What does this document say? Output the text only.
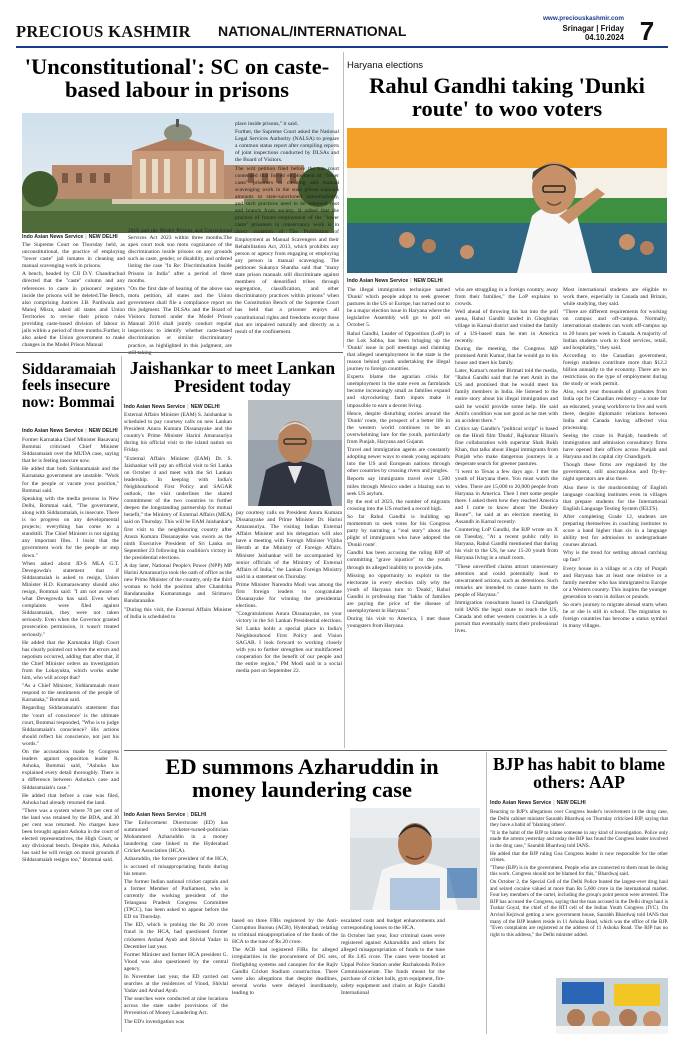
PRECIOUS KASHMIR NATIONAL/INTERNATIONAL
www.preciouskashmir.com
Srinagar | Friday
04.10.2024 7
'Unconstitutional': SC on caste-based labour in prisons
Indo Asian News Service | NEW DELHI

The Supreme Court on Thursday held, as unconstitutional, the practice of employing "lower caste" jail inmates in cleaning and manual scavenging work in prisons.

A bench, headed by CJI D.Y. Chandrachud directed that the "caste" column and any references to caste in prisoners' registers inside the prisons will be deleted.The Bench, also comprising Justices J.B. Pardiwala and Manoj Misra, asked all states and Union Territories to revise their prison rules providing caste-based division of labour in jails within a period of three months.Further, it also asked the Union government to make changes in the Model Prison Manual

2016 and the Model Prisons and Correctional Services Act 2023 within three months.The apex court took suo motu cognizance of the discrimination inside prisons on any grounds such as caste, gender, or disability, and ordered listing the case "In Re: Discrimination Inside Prisons in India" after a period of three months.

"On the first date of hearing of the above suo motu petition, all states and the Union government shall file a compliance report on this judgment. The DLSAs and the Board of Visitors formed under the Model Prison Manual 2016 shall jointly conduct regular inspections to identify whether caste-based discrimination or similar discriminatory practice, as highlighted in this judgment, are

place inside prisons," it said.

Further, the Supreme Court asked the National Legal Services Authority (NALSA) to prepare a common status report after compiling reports of joint inspections conducted by DLSAs and the Board of Visitors.

The writ petition filed before the top court contended that forced employment of "lower caste" prisoners in cleaning and manual scavenging work in the state prison manuals amounts to state-sanctioned untouchability, and such practices need to be removed root and branch from society. It added that the practice of forced employment of the "lower caste" prisoners in conservancy work is in direct violation of The Prohibition of Employment as Manual Scavengers and their Rehabilitation Act, 2013, which prohibits any person or agency from engaging or employing any person in manual scavenging. The petitioner Sukanya Shantha said that "many state prison manuals still discriminate against members of denotified tribes through segregation, classification, and other discriminatory practices within prisons" when the Constitution Bench of the Supreme Court has held that a prisoner enjoys all constitutional rights and freedoms except those that are impaired naturally and directly as a result of the confinement.

Haryana elections
Rahul Gandhi taking 'Dunki route' to woo voters
Indo Asian News Service | NEW DELHI

The illegal immigration technique named 'Dunki' which people adopt to seek greener pastures in the US or Europe, has turned out to be a major election issue in Haryana where the legislative Assembly will go to poll on October 5.

Rahul Gandhi, Leader of Opposition (LoP) in the Lok Sabha, has been bringing up the 'Dunki' issue in poll meetings and claiming that alleged unemployment in the state is the reason behind youth undertaking the illegal journey to foreign countries.

Experts blame the agrarian crisis for unemployment in the state even as farmlands become increasingly small as families expand and skyrocketing farm inputs make it impossible to earn a decent living.

Hence, despite disturbing stories around the 'Dunki' route, the prospect of a better life in the western world continues to be an overwhelming lure for the youth, particularly from Punjab, Haryana and Gujarat.

Travel and immigration agents are constantly adopting newer ways to sneak young aspirants into the US and European nations through other countries by crossing rivers and jungles.

Reports say immigrants travel over 1,500 miles through Mexico under a blazing sun to seek US asylum.

By the end of 2023, the number of migrants crossing into the US reached a record high.

So far Rahul Gandhi is building up momentum to seek votes for his Congress party by narrating a "real story" about the plight of immigrants who have adopted the 'Dunki route'.

Gandhi has been accusing the ruling BJP of committing "grave injustice" to the youth through its alleged inability to provide jobs.

Missing no opportunity to exploit to the electorate in every election rally why the youth of Haryana turn to 'Dunki', Rahul Gandhi is professing that "lakhs of families are paying the price of the disease of unemployment in Haryana."

During his visit to America, I met those youngsters from Haryana

who are struggling in a foreign country, away from their families," the LoP explains to crowds.

Well ahead of throwing his hat into the poll arena, Rahul Gandhi landed in Ghoghrian village in Karnal district and visited the family of a US-based man he met in America recently.

During the meeting, the Congress MP promised Amit Kumar, that he would go to his house and meet his family.

Later, Kumar's mother Birmati told the media, "Rahul Gandhi said that he met Amit in the US and promised that he would meet his family members in India. He listened to the entire story about his illegal immigration and said he would provide some help. He said Amit's condition was not good as he met with an accident there."

Critics say Gandhi's "political script" is based on the Hindi film 'Dunki', Rajkumar Hirani's fine collaboration with superstar Shah Rukh Khan, that talks about illegal immigrants from Punjab who make dangerous journeys in a desperate search for greener pastures.

"I went to Texas a few days ago. I met the youth of Haryana there. You must watch the video. There are 15,000 to 20,000 people from Haryana in America. Then I met some people there. I asked them how they reached America and I came to know about 'the Donkey Route'", he said at an election meeting in Assandh in Karnal recently.

Countering LoP Gandhi, the BJP wrote on X on Tuesday, "At a recent public rally in Haryana, Rahul Gandhi mentioned that during his visit to the US, he saw 15-20 youth from Haryana living in a small room.

"These unverified claims attract unnecessary attention and could potentially lead to unwarranted actions, such as detentions. Such remarks are intended to cause harm to the people of Haryana."

Immigration consultants based in Chandigarh told IANS the legal route to reach the US, Canada and other western countries is a safe pursuit that eventually starts their professional lives.

Most international students are eligible to work there, especially in Canada and Britain, while studying, they said.

"There are different requirements for working on campus and off-campus. Normally, international students can work off-campus up to 20 hours per week in Canada. A majority of Indian students work in food services, retail, and hospitality," they said.

According to the Canadian government, foreign students contribute more than $12.2 billion annually to the economy. There are no restrictions on the type of employment during the study or work permit.

Also, each year thousands of graduates from India opt for Canadian residency – a route for an educated, young workforce to live and work there, despite diplomatic relations between India and Canada having affected visa processing.

Seeing the craze in Punjab, hundreds of immigration and admission consultancy firms have opened their offices across Punjab and Haryana and its capital city Chandigarh.

Though these firms are regulated by the government, still unscrupulous and fly-by-night operators are also there.

Also there is the mushrooming of English language coaching institutes even in villages that prepare students for the International English Language Testing System (IELTS).

After completing Grade 12, students are preparing themselves in coaching institutes to score a band higher than six in a language ability test for admission to undergraduate courses abroad.

Why is the trend for settling abroad catching up fast?

Every house in a village or a city of Punjab and Haryana has at least one relative or a family member who has immigrated to Europe or a Western country. This inspires the younger generation to earn in dollars or pounds.

So one's journey to migrate abroad starts when he or she is still in school. The migration to foreign countries has become a status symbol in many villages.

Siddaramaiah feels insecure now: Bommai
Indo Asian News Service | NEW DELHI

Former Karnataka Chief Minister Basavaraj Bommai criticised Chief Minister Siddaramaiah over the MUDA case, saying that he is feeling insecure now.

He added that both Siddaramaiah and the Karnataka government are unstable. "Work for the people or vacate your position," Bommai said.

Speaking with the media persons in New Delhi, Bommai said, "The government, along with Siddaramaiah, is insecure. There is no progress on any developmental projects; everything has come to a standstill. The Chief Minister is not signing any important files. I insist that the government work for the people or step down."

When asked about JD-S MLA G.T. Devegowda's statement that if Siddaramaiah is asked to resign, Union Minister H.D. Kumaraswamy should also resign, Bommai said: "I am not aware of what Devegowda has said. Even when complaints were filed against Siddaramaiah, they were not taken seriously. Even when the Governor granted prosecution permission, it wasn't treated seriously."

He added that the Karnataka High Court has clearly pointed out where the errors and nepotism occurred, adding that after that, if the Chief Minister orders an investigation from the Lokayukta, which works under him, who will accept that?

"As a Chief Minister, Siddaramaiah must respond to the sentiments of the people of Karnataka," Bommai said.

Regarding Siddaramaiah's statement that the 'court of conscience' is the ultimate court, Bommai responded, "Who is to judge Siddaramaiah's conscience? His actions should reflect his conscience, not just his words."

On the accusations made by Congress leaders against opposition leader R. Ashoka, Bommai said, "Ashoka has explained every detail thoroughly. There is a difference between Ashoka's case and Siddaramaiah's case."

He added that before a case was filed, Ashoka had already returned the land.

"There was a system where 70 per cent of the land was retained by the BDA, and 30 per cent was returned. No charges have been brought against Ashoka in the court of elected representatives, the High Court, or any divisional bench. Despite this, Ashoka has said he will resign on moral grounds if Siddaramaiah resigns too," Bommai said.

Jaishankar to meet Lankan President today
Indo Asian News Service | NEW DELHI

External Affairs Minister (EAM) S. Jaishankar is scheduled to pay courtesy calls on new Lankan President Anura Kumara Dissanayake and the country's Prime Minister Harini Amarasuriya during his official visit to the island nation on Friday.

"External Affairs Minister (EAM) Dr. S. Jaishankar will pay an official visit to Sri Lanka on October 4 and meet with the Sri Lankan leadership. In keeping with India's Neighbourhood First Policy and SAGAR outlook, the visit underlines the shared commitment of the two countries to further deepen the longstanding partnership for mutual benefit," the Ministry of External Affairs (MEA) said on Thursday. This will be EAM Jaishankar's first visit to the neighbouring country after Anura Kumara Dissanayake was sworn as the ninth Executive President of Sri Lanka on September 23 following his coalition's victory in the presidential elections.

A day later, National People's Power (NPP) MP Harini Amarasuriya took the oath of office as the new Prime Minister of the country, only the third woman to hold the position after Chandrika Bandaranaike Kumaratunga and Sirimavo Bandaranaike.

"During this visit, the External Affairs Minister of India is scheduled to

pay courtesy calls on President Anura Kumara Dissanayake and Prime Minister Dr. Harini Amarasuriya. The visiting Indian External Affairs Minister and his delegation will also have a meeting with Foreign Minister Vijitha Herath at the Ministry of Foreign Affairs. Minister Jaishankar will be accompanied by senior officials of the Ministry of External Affairs of India," the Lankan Foreign Ministry said in a statement on Thursday.

Prime Minister Narendra Modi was among the first foreign leaders to congratulate Dissanayake for winning the presidential elections.

"Congratulations Anura Dissanayake, on your victory in the Sri Lankan Presidential elections. Sri Lanka holds a special place in India's Neighbourhood First Policy and Vision SAGAR. I look forward to working closely with you to further strengthen our multifaceted cooperation for the benefit of our people and the entire region," PM Modi said in a social media post on September 22.

ED summons Azharuddin in money laundering case
Indo Asian News Service | DELHI

The Enforcement Directorate (ED) has summoned cricketer-turned-politician Mohammed Azharuddin in a money laundering case linked to the Hyderabad Cricket Association (HCA).

Azharuddin, the former president of the HCA, is accused of misappropriating funds during his tenure.

The former Indian national cricket captain and a former Member of Parliament, who is currently the working president of the Telangana Pradesh Congress Committee (TPCC), has been asked to appear before the ED on Thursday.

The ED, which is probing the Rs 20 crore fraud in the HCA, had questioned former cricketers Arshad Ayub and Shivlal Yadav in December last year.

Former Minister and former HCA president G. Vinod was also questioned by the central agency.

In November last year, the ED carried out searches at the residences of Vinod, Shivlal Yadav and Arshad Ayub.

The searches were conducted at nine locations across the state under provisions of the Prevention of Money Laundering Act.

The ED's investigation was

based on three FIRs registered by the Anti-Corruption Bureau (ACB), Hyderabad, relating to criminal misappropriation of the funds of the HCA to the tune of Rs 20 crore.

The ACB had registered FIRs for alleged irregularities in the procurement of DG sets, firefighting systems and canopies for the Rajiv Gandhi Cricket Stadium construction. There were also allegations that despite deadlines, several works were delayed inordinately, leading to

escalated costs and budget enhancements and corresponding losses to the HCA.

In October last year, four criminal cases were registered against Azharuddin and others for alleged misappropriation of funds to the tune of Rs 3.85 crore. The cases were booked at Uppal Police Station under Rachakonda Police Commissionerate. The funds meant for the purchase of cricket balls, gym equipment, fire-safety equipment and chairs at Rajiv Gandhi International

BJP has habit to blame others: AAP
Indo Asian News Service | NEW DELHI

Reacting to BJP's allegations over Congress leader's involvement in the drug case, the Delhi cabinet minister Saurabh Bhardwaj on Thursday criticized BJP, saying that they have a habit of 'blaming others'.

"It is the habit of the BJP to blame someone in any kind of investigation. Police only made the arrests yesterday and today the BJP has found the Congress leader involved in the drug case," Saurabh Bhardwaj told IANS.

He added that the BJP ruling Goa Congress leader is now responsible for the other crimes.

"These (BJP) is in the government. People who are connected to them must be doing this work. Congress should not be blamed for this," Bhardwaj said.

On October 2, the Special Cell of the Delhi Police busted the largest-ever drug haul and seized cocaine valued at more than Rs 5,600 crore in the international market. Four key members of the cartel, including the group's point person were arrested. The BJP has accused the Congress, saying that the man accused in the Delhi drugs haul is Tushar Goyal, the chief of the RTI cell of the Indian Youth Congress (IYC). On Arvind Kejriwal getting a new government house, Saurabh Bhardwaj told IANS that many of the BJP leaders reside in 11 Ashoka Road, which was the office of the BJP. "Even complaints are registered at the address of 11 Ashoka Road. The BJP has no right to this address," the Delhi minister added.
